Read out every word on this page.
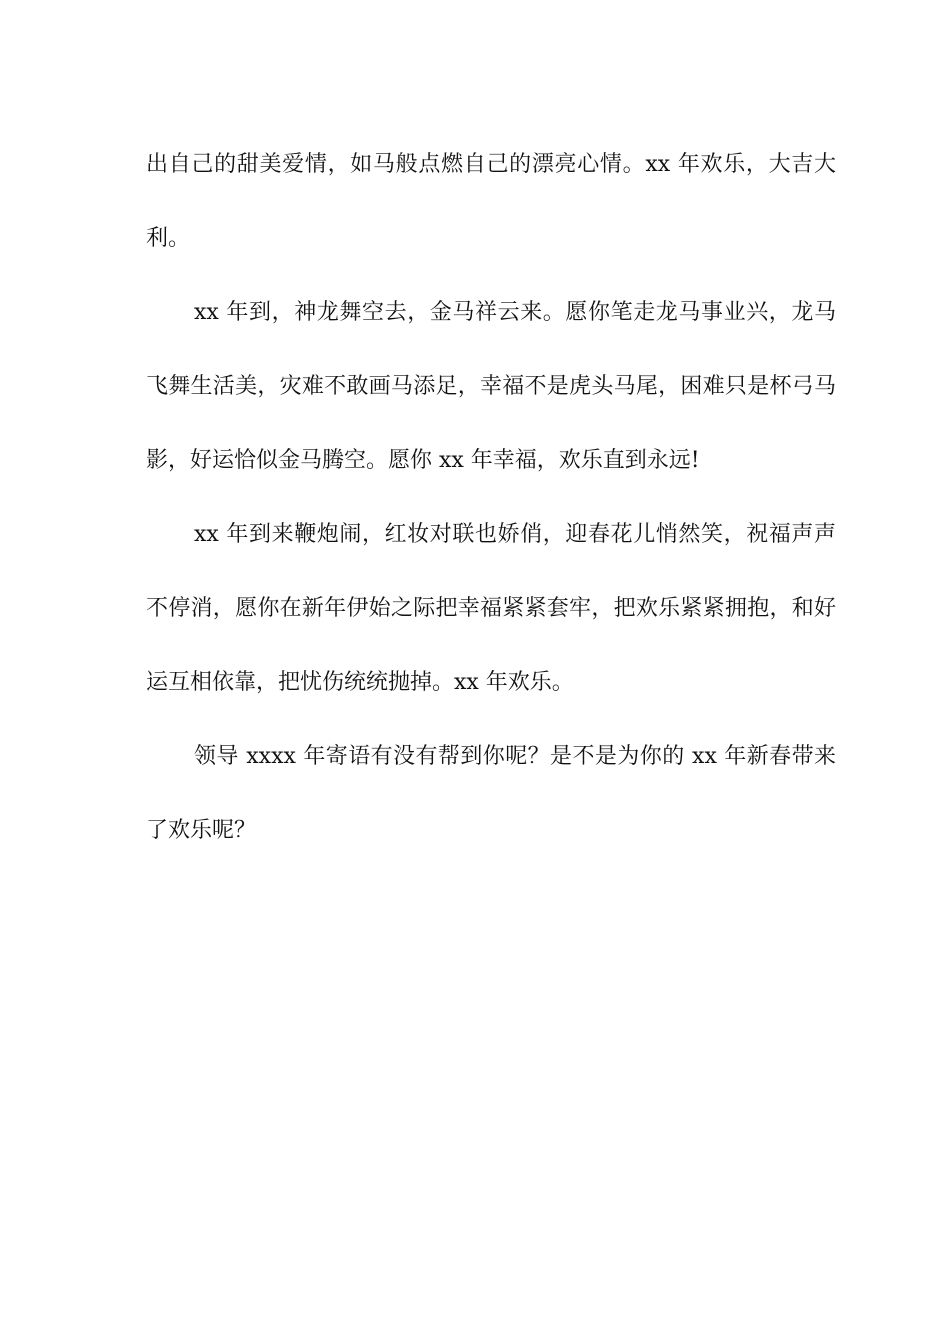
出自己的甜美爱情，如马般点燃自己的漂亮心情。xx 年欢乐，大吉大利。

xx 年到，神龙舞空去，金马祥云来。愿你笔走龙马事业兴，龙马飞舞生活美，灾难不敢画马添足，幸福不是虎头马尾，困难只是杯弓马影，好运恰似金马腾空。愿你 xx 年幸福，欢乐直到永远!

xx 年到来鞭炮闹，红妆对联也娇俏，迎春花儿悄然笑，祝福声声不停消，愿你在新年伊始之际把幸福紧紧套牢，把欢乐紧紧拥抱，和好运互相依靠，把忧伤统统抛掉。xx 年欢乐。

领导 xxxx 年寄语有没有帮到你呢？是不是为你的 xx 年新春带来了欢乐呢？
